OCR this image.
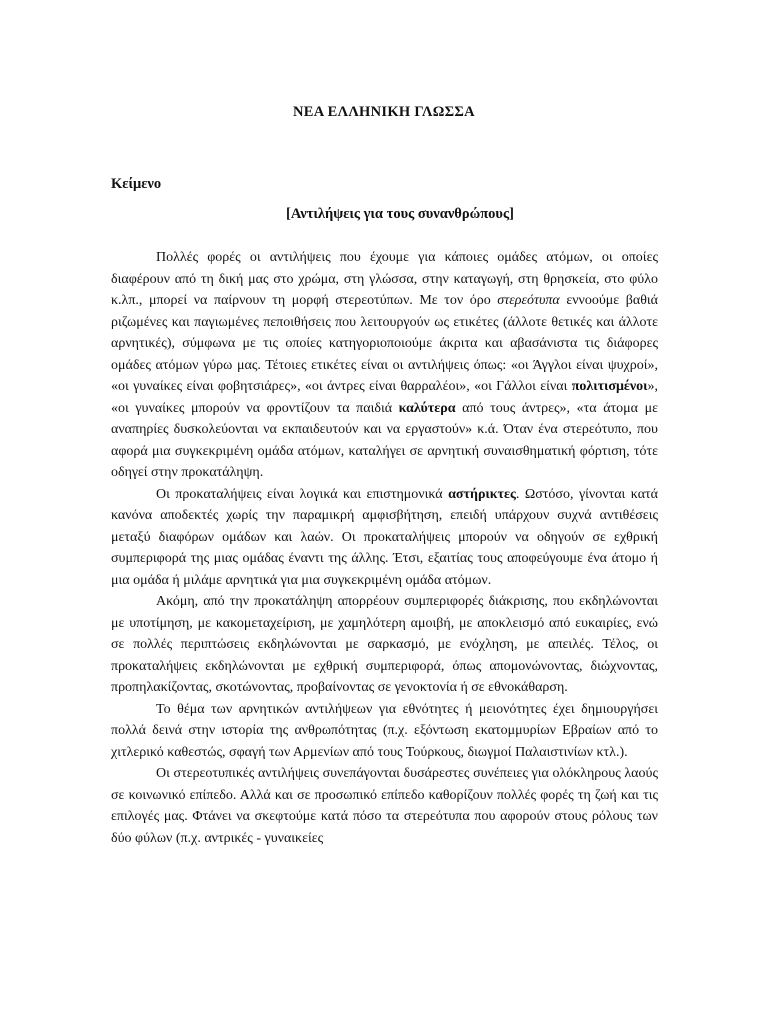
ΝΕΑ ΕΛΛΗΝΙΚΗ ΓΛΩΣΣΑ
Κείμενο
[Αντιλήψεις για τους συνανθρώπους]

Πολλές φορές οι αντιλήψεις που έχουμε για κάποιες ομάδες ατόμων, οι οποίες διαφέρουν από τη δική μας στο χρώμα, στη γλώσσα, στην καταγωγή, στη θρησκεία, στο φύλο κ.λπ., μπορεί να παίρνουν τη μορφή στερεοτύπων. Με τον όρο στερεότυπα εννοούμε βαθιά ριζωμένες και παγιωμένες πεποιθήσεις που λειτουργούν ως ετικέτες (άλλοτε θετικές και άλλοτε αρνητικές), σύμφωνα με τις οποίες κατηγοριοποιούμε άκριτα και αβασάνιστα τις διάφορες ομάδες ατόμων γύρω μας. Τέτοιες ετικέτες είναι οι αντιλήψεις όπως: «οι Άγγλοι είναι ψυχροί», «οι γυναίκες είναι φοβητσιάρες», «οι άντρες είναι θαρραλέοι», «οι Γάλλοι είναι πολιτισμένοι», «οι γυναίκες μπορούν να φροντίζουν τα παιδιά καλύτερα από τους άντρες», «τα άτομα με αναπηρίες δυσκολεύονται να εκπαιδευτούν και να εργαστούν» κ.ά. Όταν ένα στερεότυπο, που αφορά μια συγκεκριμένη ομάδα ατόμων, καταλήγει σε αρνητική συναισθηματική φόρτιση, τότε οδηγεί στην προκατάληψη.

Οι προκαταλήψεις είναι λογικά και επιστημονικά αστήρικτες. Ωστόσο, γίνονται κατά κανόνα αποδεκτές χωρίς την παραμικρή αμφισβήτηση, επειδή υπάρχουν συχνά αντιθέσεις μεταξύ διαφόρων ομάδων και λαών. Οι προκαταλήψεις μπορούν να οδηγούν σε εχθρική συμπεριφορά της μιας ομάδας έναντι της άλλης. Έτσι, εξαιτίας τους αποφεύγουμε ένα άτομο ή μια ομάδα ή μιλάμε αρνητικά για μια συγκεκριμένη ομάδα ατόμων.

Ακόμη, από την προκατάληψη απορρέουν συμπεριφορές διάκρισης, που εκδηλώνονται με υποτίμηση, με κακομεταχείριση, με χαμηλότερη αμοιβή, με αποκλεισμό από ευκαιρίες, ενώ σε πολλές περιπτώσεις εκδηλώνονται με σαρκασμό, με ενόχληση, με απειλές. Τέλος, οι προκαταλήψεις εκδηλώνονται με εχθρική συμπεριφορά, όπως απομονώνοντας, διώχνοντας, προπηλακίζοντας, σκοτώνοντας, προβαίνοντας σε γενοκτονία ή σε εθνοκάθαρση.

Το θέμα των αρνητικών αντιλήψεων για εθνότητες ή μειονότητες έχει δημιουργήσει πολλά δεινά στην ιστορία της ανθρωπότητας (π.χ. εξόντωση εκατομμυρίων Εβραίων από το χιτλερικό καθεστώς, σφαγή των Αρμενίων από τους Τούρκους, διωγμοί Παλαιστινίων κτλ.).

Οι στερεοτυπικές αντιλήψεις συνεπάγονται δυσάρεστες συνέπειες για ολόκληρους λαούς σε κοινωνικό επίπεδο. Αλλά και σε προσωπικό επίπεδο καθορίζουν πολλές φορές τη ζωή και τις επιλογές μας. Φτάνει να σκεφτούμε κατά πόσο τα στερεότυπα που αφορούν στους ρόλους των δύο φύλων (π.χ. αντρικές - γυναικείες
